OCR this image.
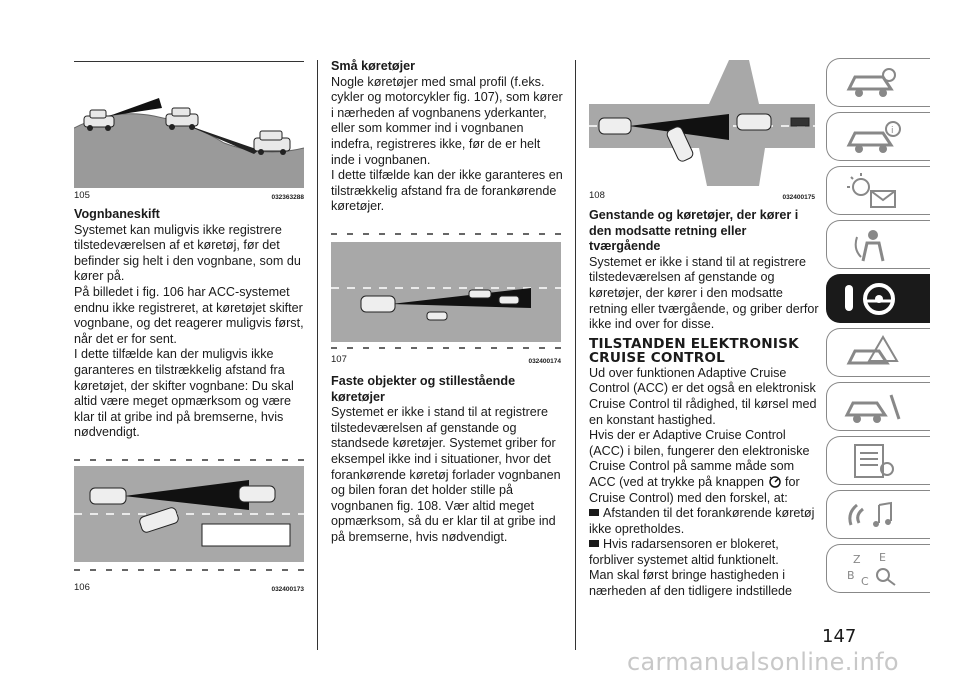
105	032363288

Vognbaneskift

Systemet kan muligvis ikke registrere tilstedeværelsen af et køretøj, før det befinder sig helt i den vognbane, som du kører på.

På billedet i fig. 106 har ACC-systemet endnu ikke registreret, at køretøjet skifter vognbane, og det reagerer muligvis først, når det er for sent.

I dette tilfælde kan der muligvis ikke garanteres en tilstrækkelig afstand fra køretøjet, der skifter vognbane: Du skal altid være meget opmærksom og være klar til at gribe ind på bremserne, hvis nødvendigt.

106	032400173

Små køretøjer

Nogle køretøjer med smal profil (f.eks. cykler og motorcykler fig. 107), som kører i nærheden af vognbanens yderkanter, eller som kommer ind i vognbanen indefra, registreres ikke, før de er helt inde i vognbanen.

I dette tilfælde kan der ikke garanteres en tilstrækkelig afstand fra de forankørende køretøjer.

107	032400174

Faste objekter og stillestående køretøjer

Systemet er ikke i stand til at registrere tilstedeværelsen af genstande og standsede køretøjer. Systemet griber for eksempel ikke ind i situationer, hvor det forankørende køretøj forlader vognbanen og bilen foran det holder stille på vognbanen fig. 108. Vær altid meget opmærksom, så du er klar til at gribe ind på bremserne, hvis nødvendigt.

108	032400175

Genstande og køretøjer, der kører i den modsatte retning eller tværgående

Systemet er ikke i stand til at registrere tilstedeværelsen af genstande og køretøjer, der kører i den modsatte retning eller tværgående, og griber derfor ikke ind over for disse.

TILSTANDEN ELEKTRONISK CRUISE CONTROL

Ud over funktionen Adaptive Cruise Control (ACC) er det også en elektronisk Cruise Control til rådighed, til kørsel med en konstant hastighed.

Hvis der er Adaptive Cruise Control (ACC) i bilen, fungerer den elektroniske Cruise Control på samme måde som ACC (ved at trykke på knappen for Cruise Control) med den forskel, at:

Afstanden til det forankørende køretøj ikke opretholdes.

Hvis radarsensoren er blokeret, forbliver systemet altid funktionelt.

Man skal først bringe hastigheden i nærheden af den tidligere indstillede

i
Z E
B C
147
carmanualsonline.info
